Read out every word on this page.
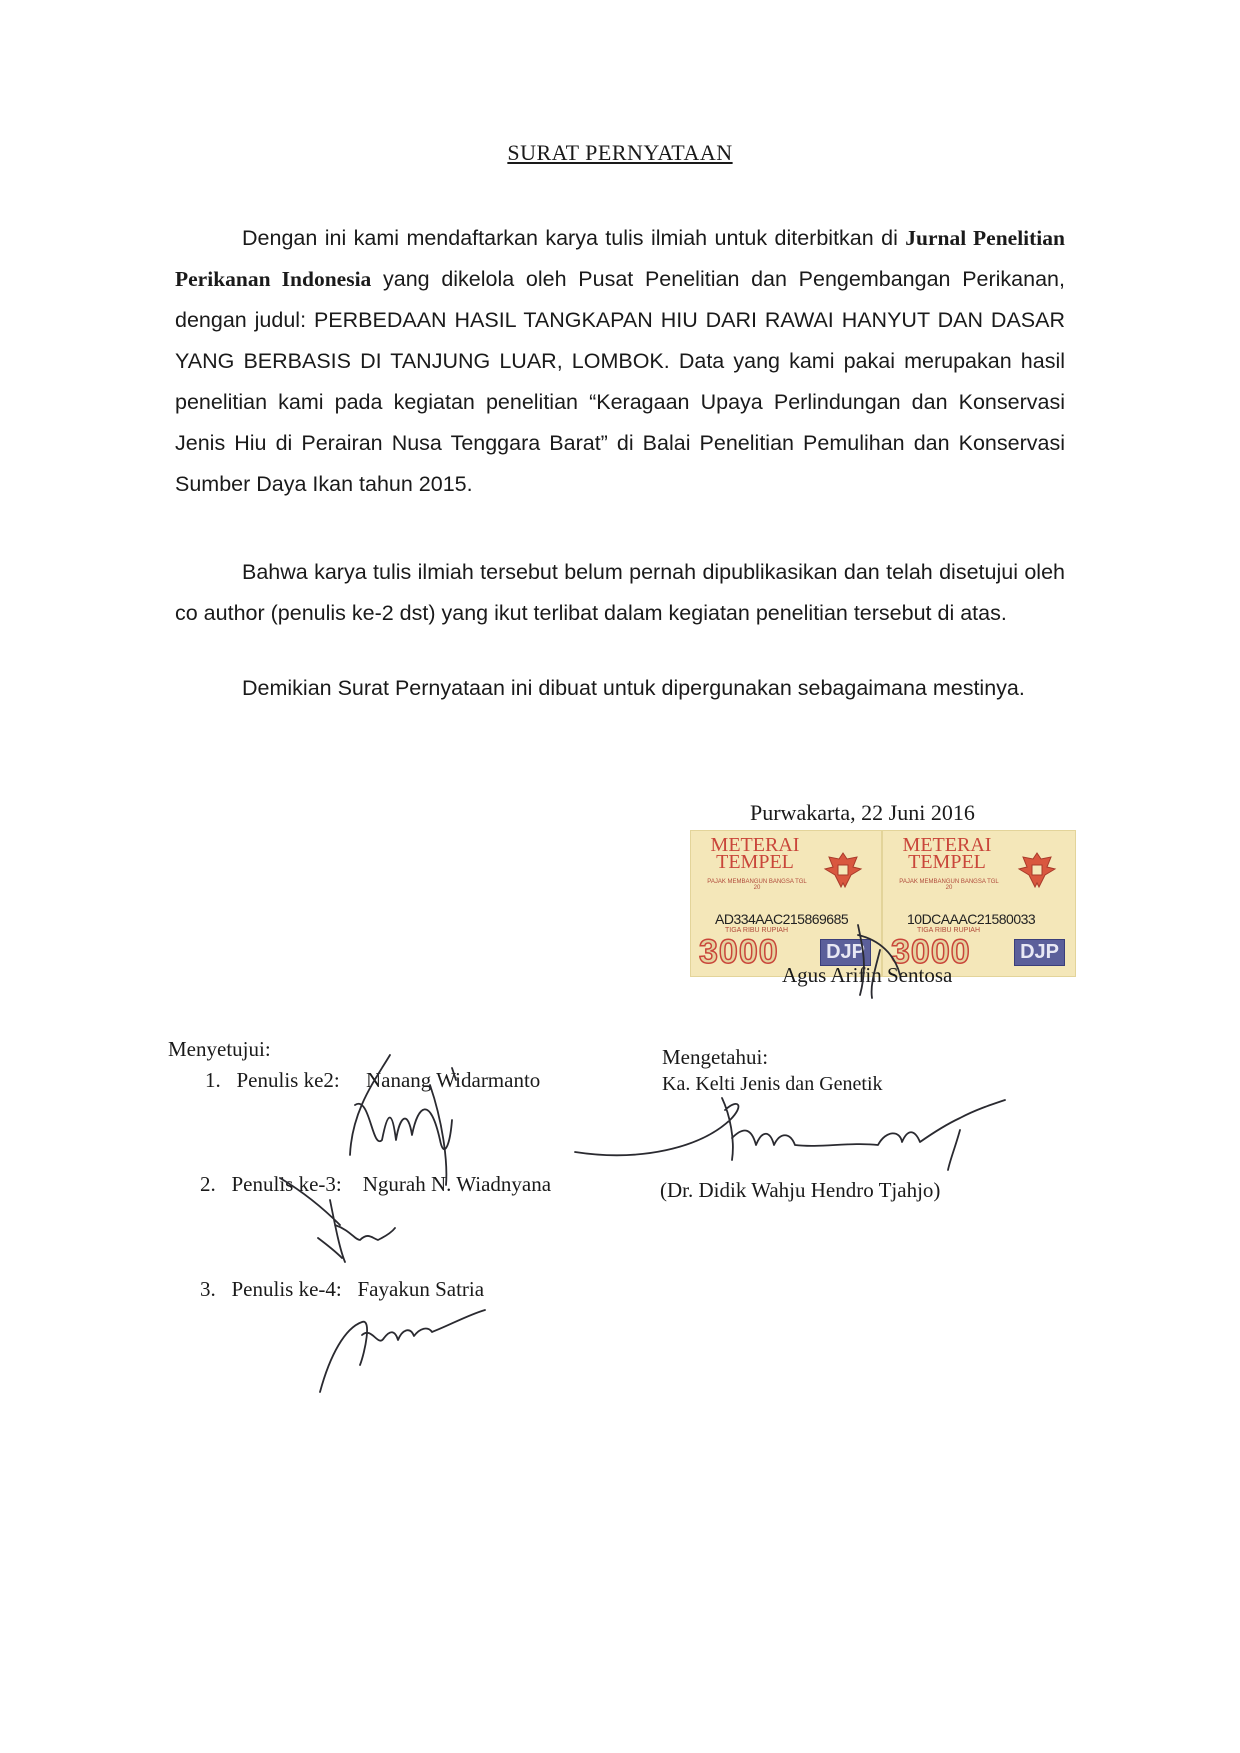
SURAT PERNYATAAN
Dengan ini kami mendaftarkan karya tulis ilmiah untuk diterbitkan di Jurnal Penelitian Perikanan Indonesia yang dikelola oleh Pusat Penelitian dan Pengembangan Perikanan, dengan judul: PERBEDAAN HASIL TANGKAPAN HIU DARI RAWAI HANYUT DAN DASAR YANG BERBASIS DI TANJUNG LUAR, LOMBOK. Data yang kami pakai merupakan hasil penelitian kami pada kegiatan penelitian “Keragaan Upaya Perlindungan dan Konservasi Jenis Hiu di Perairan Nusa Tenggara Barat” di Balai Penelitian Pemulihan dan Konservasi Sumber Daya Ikan tahun 2015.
Bahwa karya tulis ilmiah tersebut belum pernah dipublikasikan dan telah disetujui oleh co author (penulis ke-2 dst) yang ikut terlibat dalam kegiatan penelitian tersebut di atas.
Demikian Surat Pernyataan ini dibuat untuk dipergunakan sebagaimana mestinya.
Purwakarta, 22 Juni 2016
METERAI
TEMPEL
PAJAK MEMBANGUN BANGSA TGL 20
AD334AAC215869685
TIGA RIBU RUPIAH
3000	DJP
METERAI
TEMPEL
PAJAK MEMBANGUN BANGSA TGL 20
10DCAAAC21580033
TIGA RIBU RUPIAH
3000	DJP
Agus Arifin Sentosa
Menyetujui:
1. Penulis ke2: Nanang Widarmanto
2. Penulis ke-3: Ngurah N. Wiadnyana
3. Penulis ke-4: Fayakun Satria
Mengetahui:
Ka. Kelti Jenis dan Genetik
(Dr. Didik Wahju Hendro Tjahjo)
